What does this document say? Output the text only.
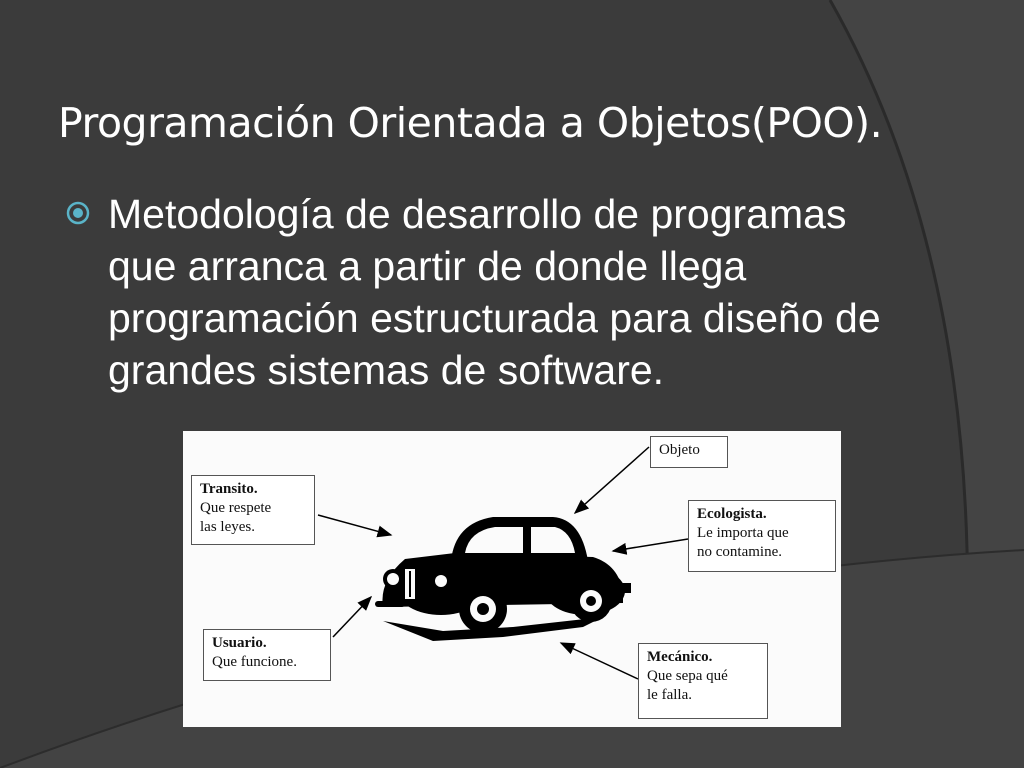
Programación Orientada a Objetos(POO).
Metodología de desarrollo de programas que arranca a partir de donde llega programación estructurada para diseño de grandes sistemas de software.
Objeto
Transito.
Que respete
las leyes.
Ecologista.
Le importa que
no contamine.
Usuario.
Que funcione.	Mecánico.
Que sepa qué
le falla.
